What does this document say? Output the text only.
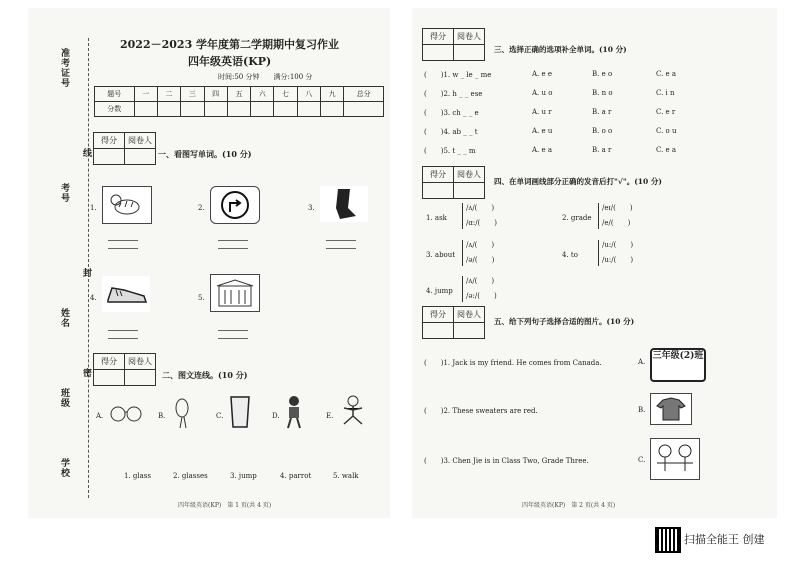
准考证号
考号
姓名
班级
学校
线
封
密
2022－2023 学年度第二学期期中复习作业
四年级英语(KP)
时间:50 分钟　　满分:100 分
题号	一	二	三	四	五	六	七	八	九	总分
分数										
得分	阅卷人

一、看图写单词。(10 分)
1.	2.	3.
4.	5.
得分	阅卷人

二、图文连线。(10 分)
A.	B.	C.	D.	E.
1. glass	2. glasses	3. jump	4. parrot	5. walk
四年级英语(KP)　第 1 页(共 4 页)
得分	阅卷人

三、选择正确的选项补全单词。(10 分)
(　　)1. w _ le _ me	A. e e	B. e o	C. e a
(　　)2. h _ _ ese	A. u o	B. n o	C. i n
(　　)3. ch _ _ e	A. u r	B. a r	C. e r
(　　)4. ab _ _ t	A. e u	B. o o	C. o u
(　　)5. t _ _ m	A. e a	B. a r	C. e a
得分	阅卷人

四、在单词画线部分正确的发音后打"√"。(10 分)
1. ask
/ʌ/(　　)
/ɑ:/(　　)
2. grade
/eɪ/(　　)
/e/(　　)
3. about
/ʌ/(　　)
/ə/(　　)
4. to
/u:/(　　)
/u:/(　　)
4. jump
/ʌ/(　　)
/ə:/(　　)
得分	阅卷人

五、给下列句子选择合适的图片。(10 分)
(　　)1. Jack is my friend. He comes from Canada.	A.
(　　)2. These sweaters are red.	B.
(　　)3. Chen Jie is in Class Two, Grade Three.	C.
三年级(2)班
四年级英语(KP)　第 2 页(共 4 页)
扫描全能王 创建
